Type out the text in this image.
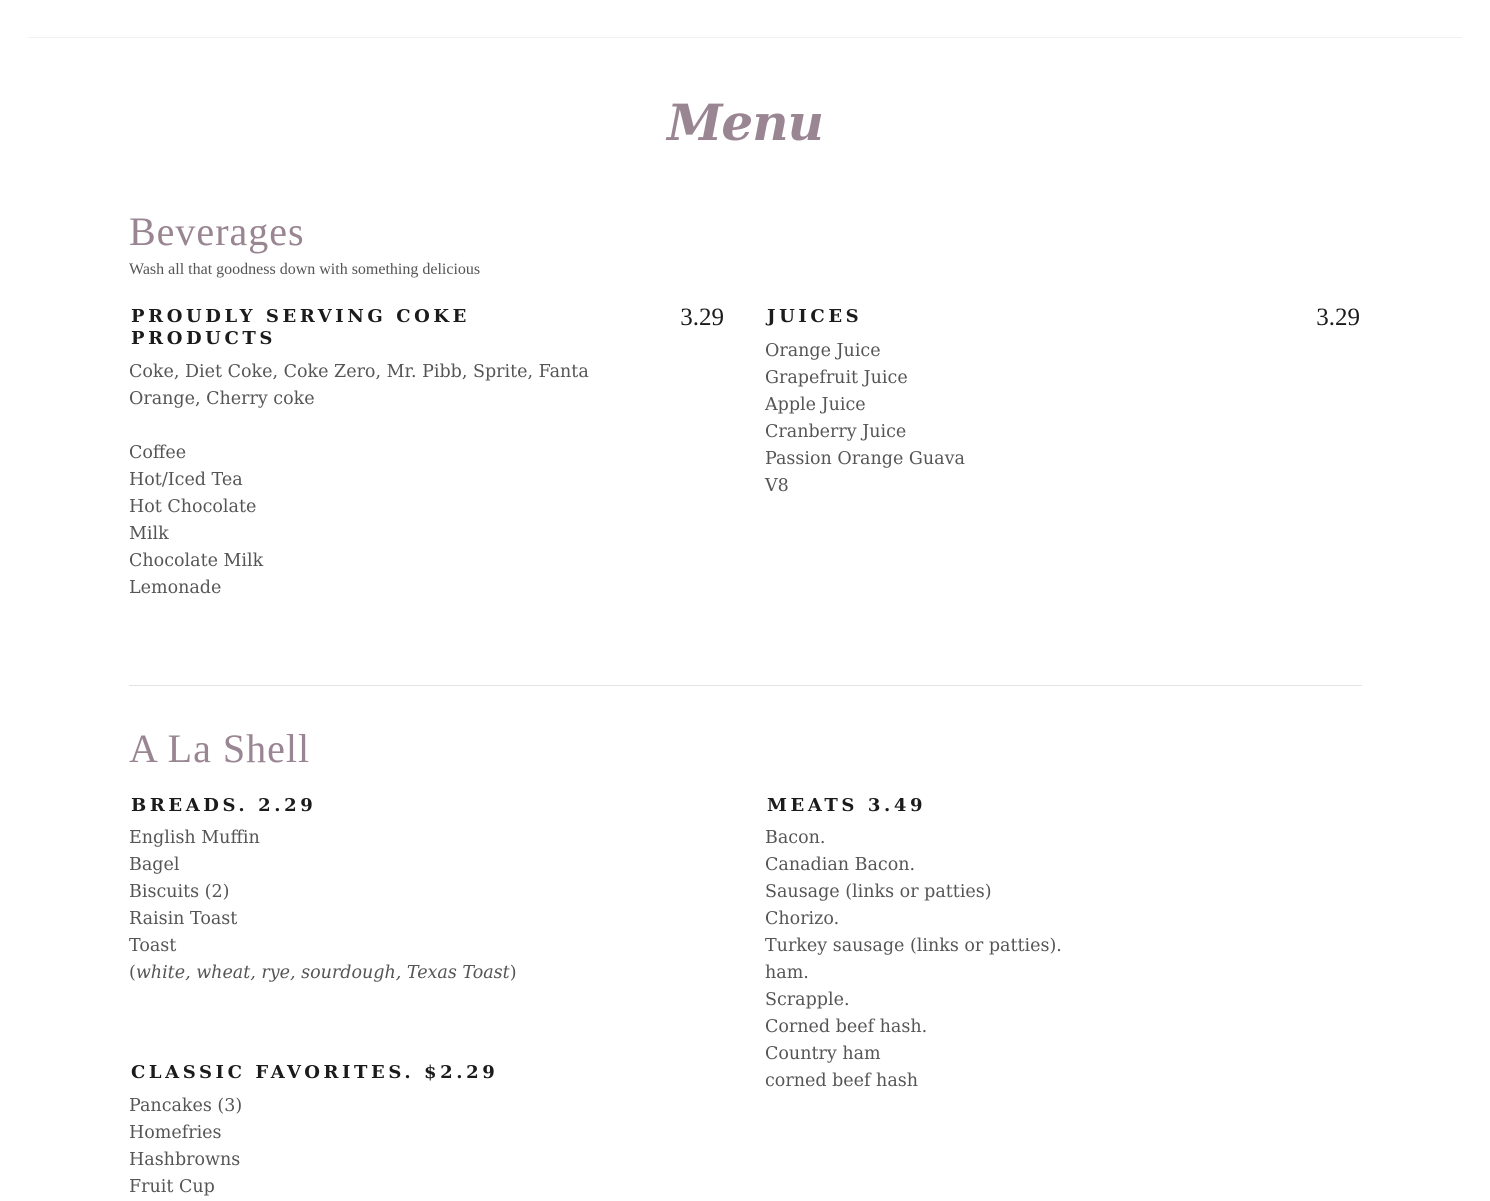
Menu
Beverages
Wash all that goodness down with something delicious
PROUDLY SERVING COKE
PRODUCTS
3.29
Coke, Diet Coke, Coke Zero, Mr. Pibb, Sprite, Fanta
Orange, Cherry coke
Coffee
Hot/Iced Tea
Hot Chocolate
Milk
Chocolate Milk
Lemonade
JUICES	3.29
Orange Juice
Grapefruit Juice
Apple Juice
Cranberry Juice
Passion Orange Guava
V8
A La Shell
BREADS. 2.29
English Muffin
Bagel
Biscuits (2)
Raisin Toast
Toast
(white, wheat, rye, sourdough, Texas Toast)
CLASSIC FAVORITES. $2.29
Pancakes (3)
Homefries
Hashbrowns
Fruit Cup
MEATS 3.49
Bacon.
Canadian Bacon.
Sausage (links or patties)
Chorizo.
Turkey sausage (links or patties).
ham.
Scrapple.
Corned beef hash.
Country ham
corned beef hash
